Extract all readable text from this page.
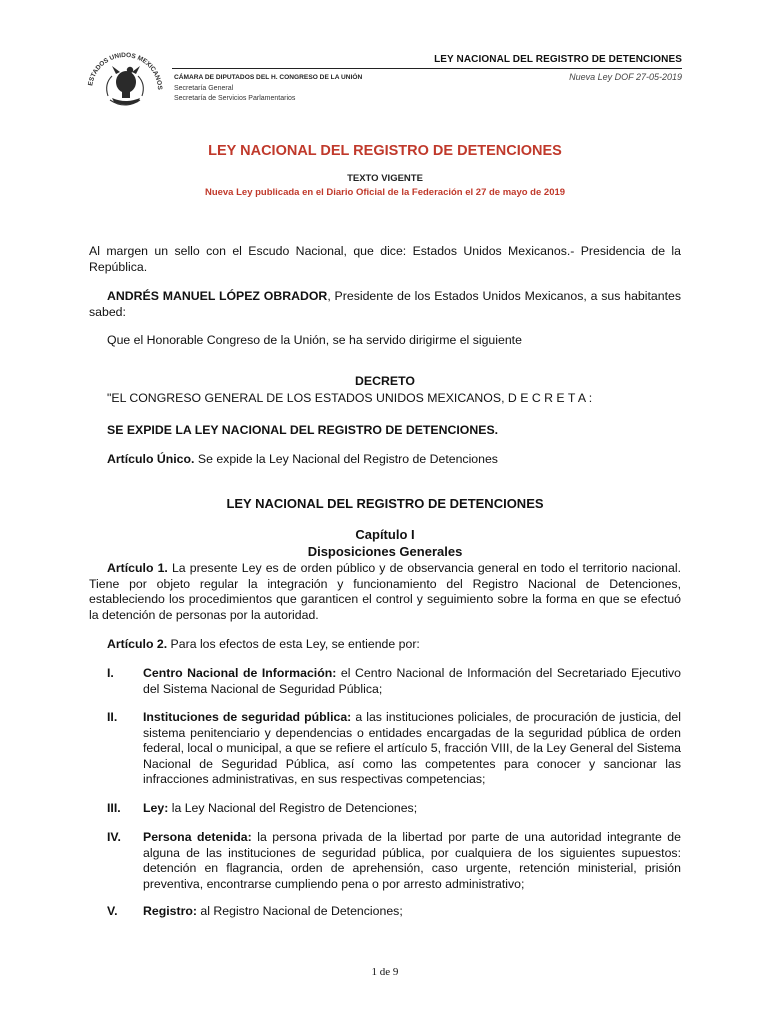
ESTADOS UNIDOS MEXICANOS
LEY NACIONAL DEL REGISTRO DE DETENCIONES
Nueva Ley DOF 27-05-2019
CÁMARA DE DIPUTADOS DEL H. CONGRESO DE LA UNIÓN
Secretaría General
Secretaría de Servicios Parlamentarios
LEY NACIONAL DEL REGISTRO DE DETENCIONES
TEXTO VIGENTE
Nueva Ley publicada en el Diario Oficial de la Federación el 27 de mayo de 2019

Al margen un sello con el Escudo Nacional, que dice: Estados Unidos Mexicanos.- Presidencia de la República.

ANDRÉS MANUEL LÓPEZ OBRADOR, Presidente de los Estados Unidos Mexicanos, a sus habitantes sabed:

Que el Honorable Congreso de la Unión, se ha servido dirigirme el siguiente

DECRETO

"EL CONGRESO GENERAL DE LOS ESTADOS UNIDOS MEXICANOS, D E C R E T A :

SE EXPIDE LA LEY NACIONAL DEL REGISTRO DE DETENCIONES.

Artículo Único. Se expide la Ley Nacional del Registro de Detenciones

LEY NACIONAL DEL REGISTRO DE DETENCIONES

Capítulo I

Disposiciones Generales

Artículo 1. La presente Ley es de orden público y de observancia general en todo el territorio nacional. Tiene por objeto regular la integración y funcionamiento del Registro Nacional de Detenciones, estableciendo los procedimientos que garanticen el control y seguimiento sobre la forma en que se efectuó la detención de personas por la autoridad.

Artículo 2. Para los efectos de esta Ley, se entiende por:

I. Centro Nacional de Información: el Centro Nacional de Información del Secretariado Ejecutivo del Sistema Nacional de Seguridad Pública;
II. Instituciones de seguridad pública: a las instituciones policiales, de procuración de justicia, del sistema penitenciario y dependencias o entidades encargadas de la seguridad pública de orden federal, local o municipal, a que se refiere el artículo 5, fracción VIII, de la Ley General del Sistema Nacional de Seguridad Pública, así como las competentes para conocer y sancionar las infracciones administrativas, en sus respectivas competencias;
III. Ley: la Ley Nacional del Registro de Detenciones;
IV. Persona detenida: la persona privada de la libertad por parte de una autoridad integrante de alguna de las instituciones de seguridad pública, por cualquiera de los siguientes supuestos: detención en flagrancia, orden de aprehensión, caso urgente, retención ministerial, prisión preventiva, encontrarse cumpliendo pena o por arresto administrativo;
V. Registro: al Registro Nacional de Detenciones;
1 de 9
